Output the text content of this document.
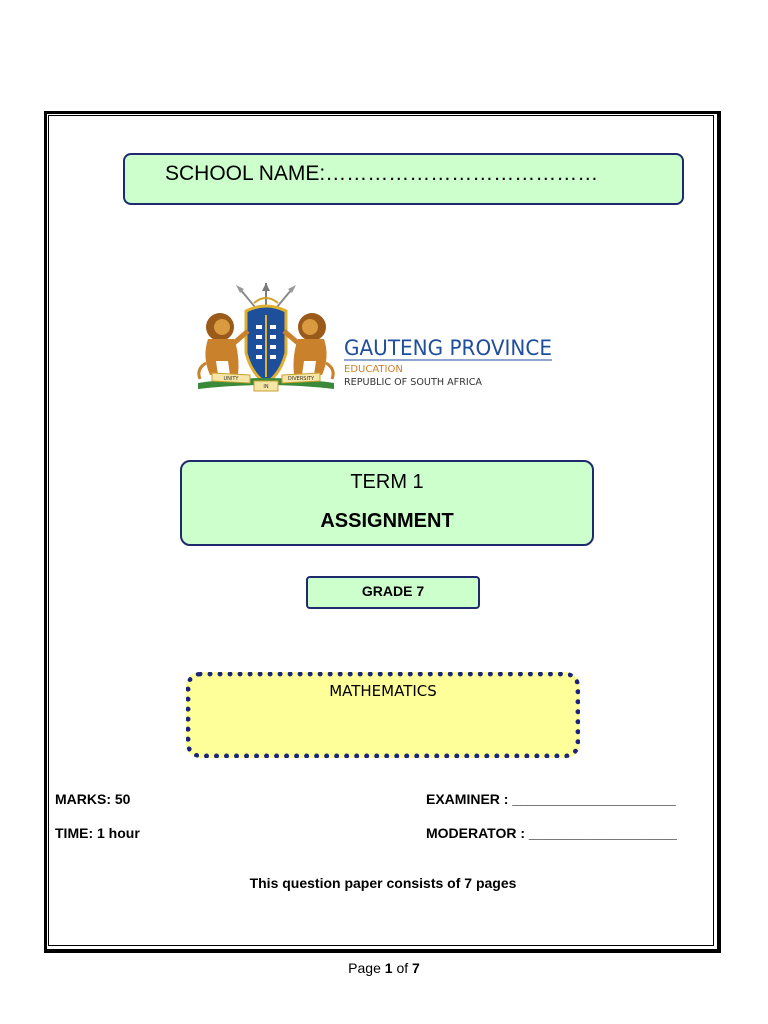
SCHOOL NAME:…………………………………
UNITY
IN
DIVERSITY
GAUTENG PROVINCE
EDUCATION
REPUBLIC OF SOUTH AFRICA
TERM 1
ASSIGNMENT
GRADE 7
MATHEMATICS
MARKS: 50
TIME: 1 hour
EXAMINER : _____________________
MODERATOR : ___________________
This question paper consists of 7 pages
Page 1 of 7
